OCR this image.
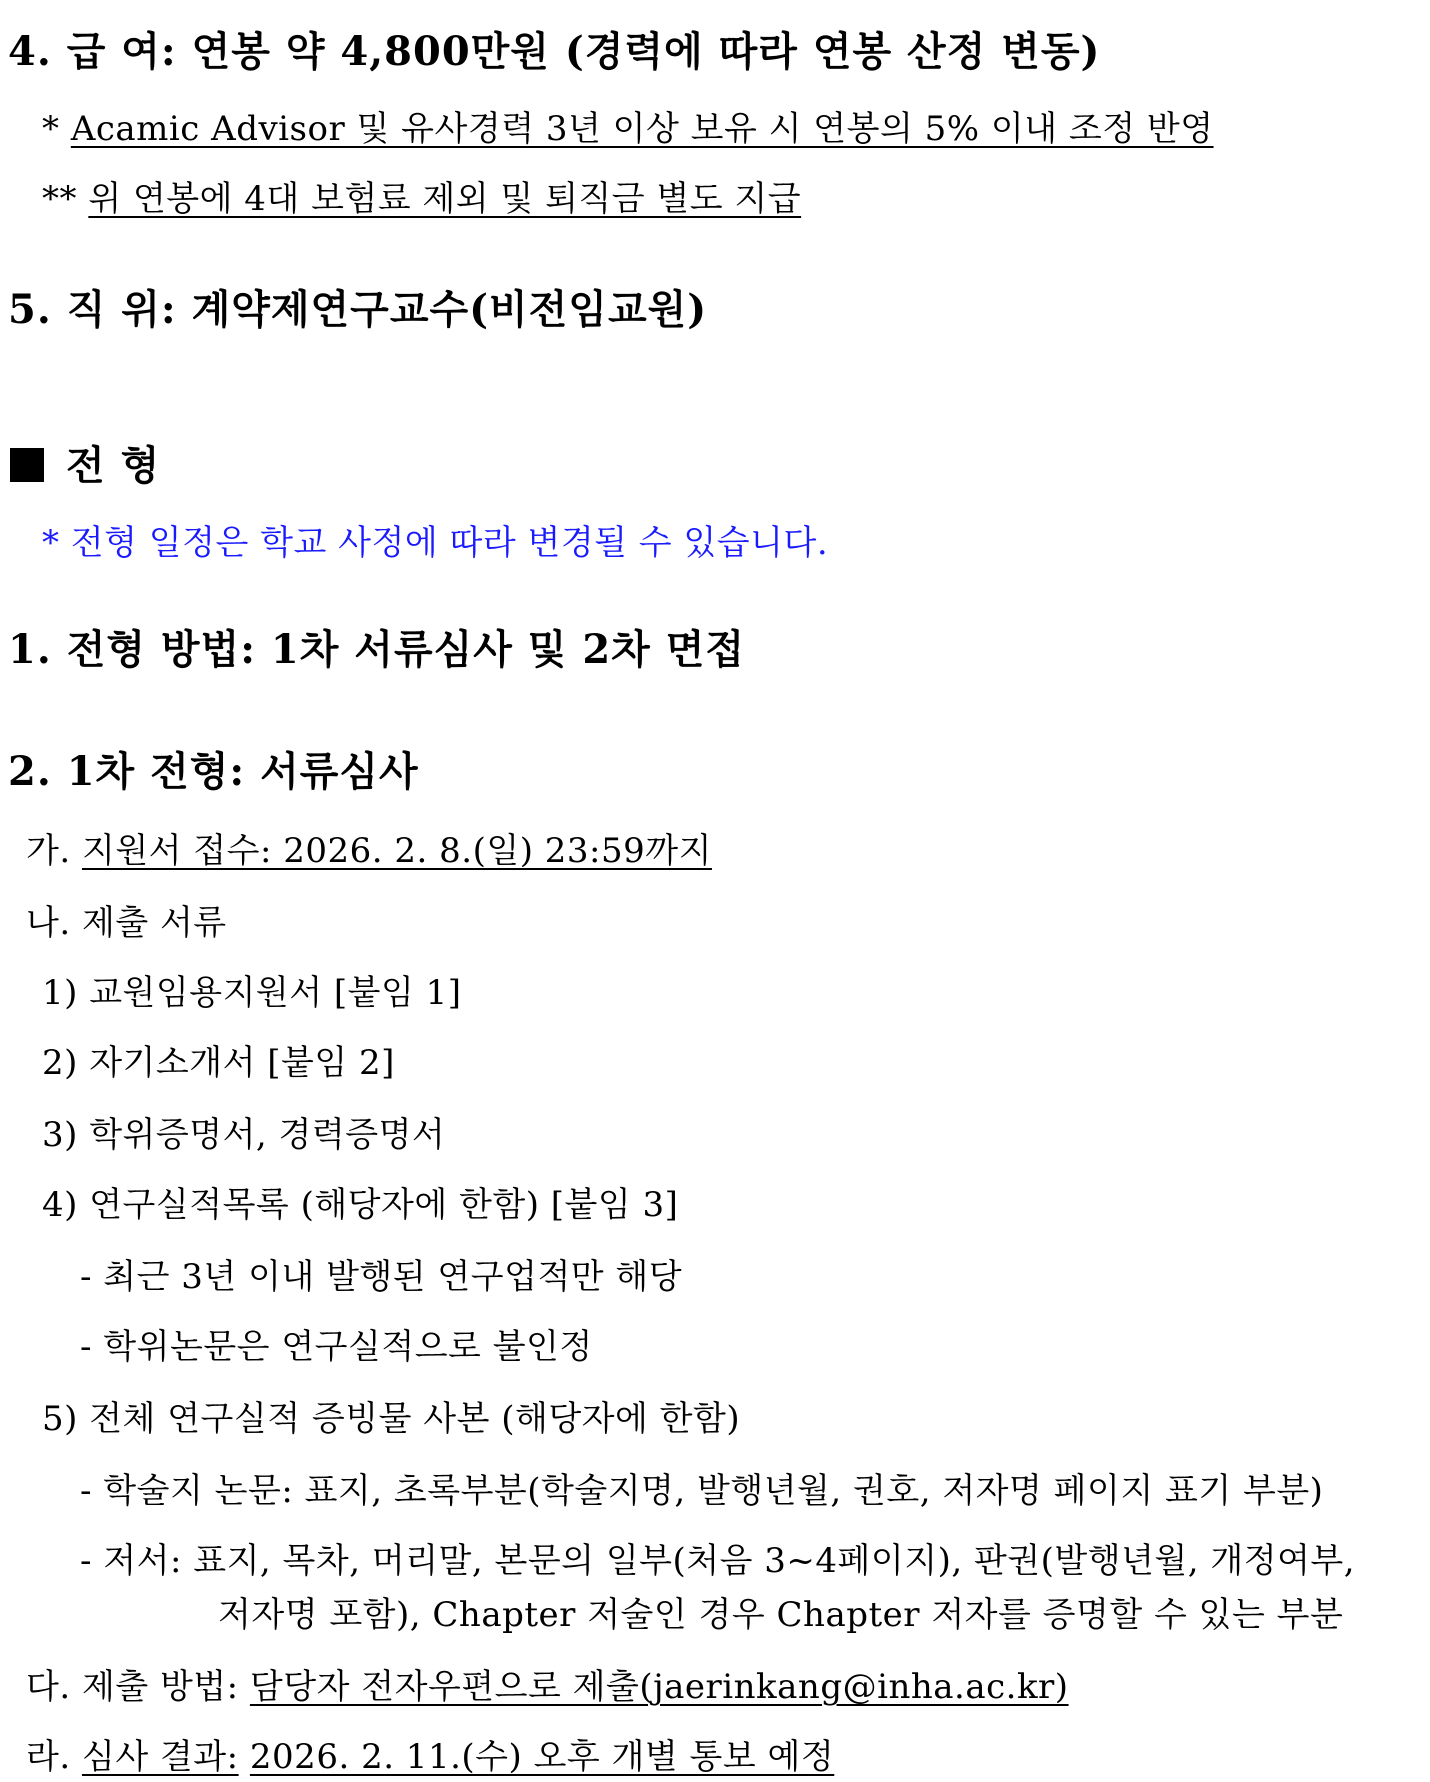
4. 급 여: 연봉 약 4,800만원 (경력에 따라 연봉 산정 변동)
* Acamic Advisor 및 유사경력 3년 이상 보유 시 연봉의 5% 이내 조정 반영
** 위 연봉에 4대 보험료 제외 및 퇴직금 별도 지급
5. 직 위: 계약제연구교수(비전임교원)
전 형
* 전형 일정은 학교 사정에 따라 변경될 수 있습니다.
1. 전형 방법: 1차 서류심사 및 2차 면접
2. 1차 전형: 서류심사
가. 지원서 접수: 2026. 2. 8.(일) 23:59까지
나. 제출 서류
1) 교원임용지원서 [붙임 1]
2) 자기소개서 [붙임 2]
3) 학위증명서, 경력증명서
4) 연구실적목록 (해당자에 한함) [붙임 3]
- 최근 3년 이내 발행된 연구업적만 해당
- 학위논문은 연구실적으로 불인정
5) 전체 연구실적 증빙물 사본 (해당자에 한함)
- 학술지 논문: 표지, 초록부분(학술지명, 발행년월, 권호, 저자명 페이지 표기 부분)
- 저서: 표지, 목차, 머리말, 본문의 일부(처음 3~4페이지), 판권(발행년월, 개정여부,
저자명 포함), Chapter 저술인 경우 Chapter 저자를 증명할 수 있는 부분
다. 제출 방법: 담당자 전자우편으로 제출(jaerinkang@inha.ac.kr)
라. 심사 결과: 2026. 2. 11.(수) 오후 개별 통보 예정
